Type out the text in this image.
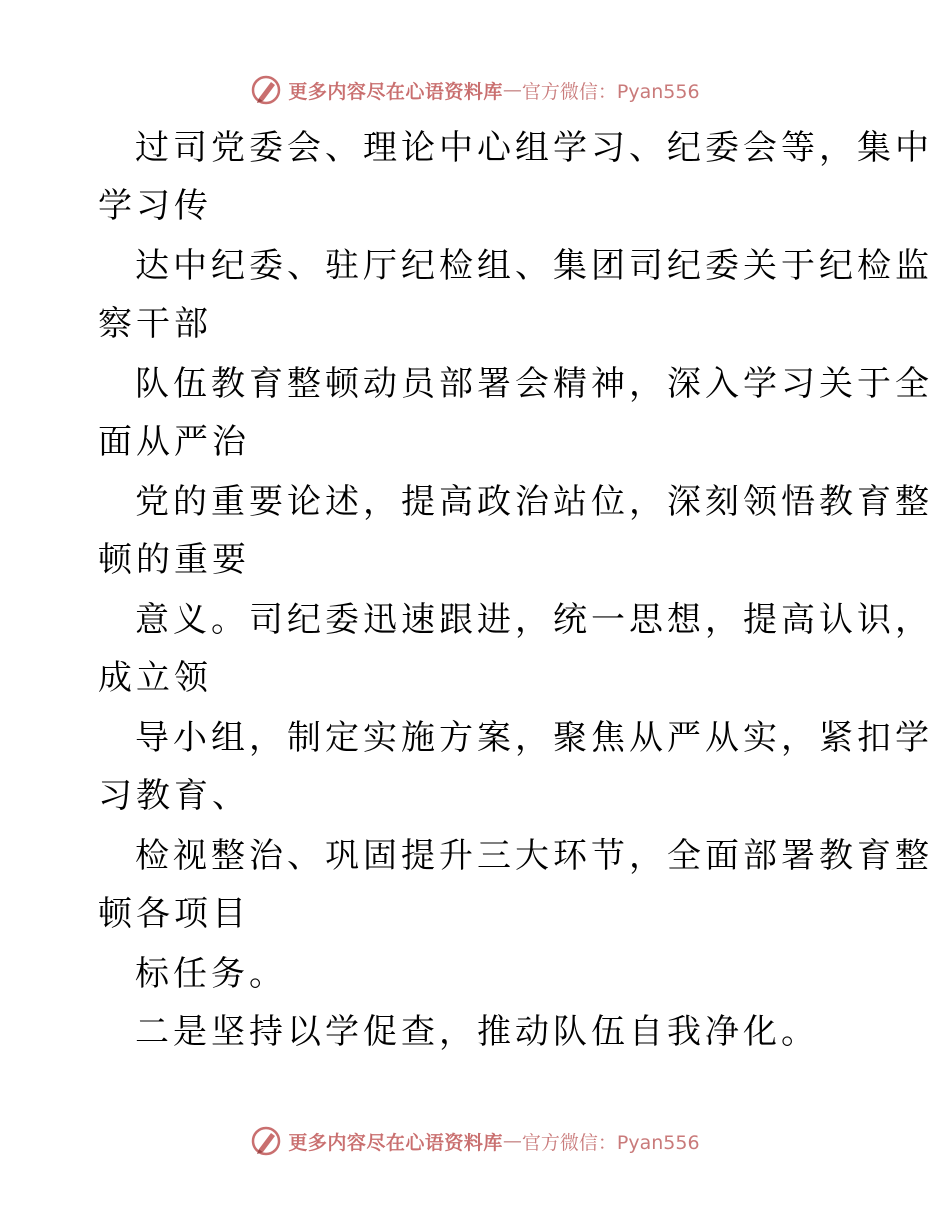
更多内容尽在心语资料库 — 官方微信：Pyan556
过司党委会、理论中心组学习、纪委会等，集中
学习传
达中纪委、驻厅纪检组、集团司纪委关于纪检监
察干部
队伍教育整顿动员部署会精神，深入学习关于全
面从严治
党的重要论述，提高政治站位，深刻领悟教育整
顿的重要
意义。司纪委迅速跟进，统一思想，提高认识，
成立领
导小组，制定实施方案，聚焦从严从实，紧扣学
习教育、
检视整治、巩固提升三大环节，全面部署教育整
顿各项目
标任务。
二是坚持以学促查，推动队伍自我净化。
更多内容尽在心语资料库 — 官方微信：Pyan556
